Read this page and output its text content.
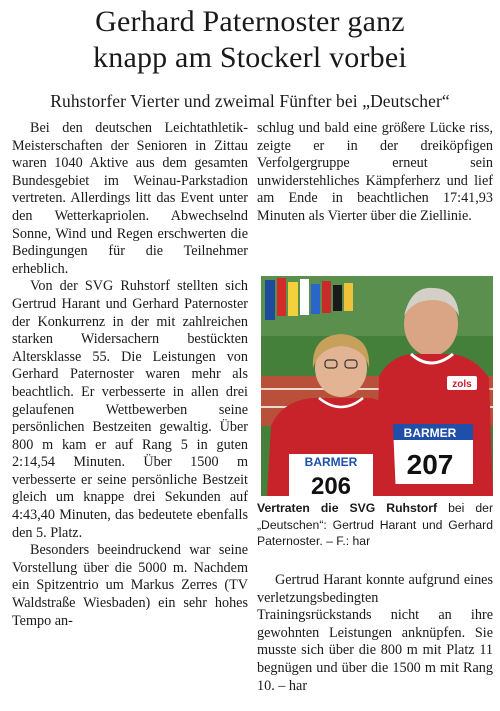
Gerhard Paternoster ganz
knapp am Stockerl vorbei
Ruhstorfer Vierter und zweimal Fünfter bei „Deutscher“

Bei den deutschen Leichtathletik-Meisterschaften der Senioren in Zittau waren 1040 Aktive aus dem gesamten Bundesgebiet im Weinau-Parkstadion vertreten. Allerdings litt das Event unter den Wetterkapriolen. Abwechselnd Sonne, Wind und Regen erschwerten die Bedingungen für die Teilnehmer erheblich.

Von der SVG Ruhstorf stellten sich Gertrud Harant und Gerhard Paternoster der Konkurrenz in der mit zahlreichen starken Widersachern bestückten Altersklasse 55. Die Leistungen von Gerhard Paternoster waren mehr als beachtlich. Er verbesserte in allen drei gelaufenen Wettbewerben seine persönlichen Bestzeiten gewaltig. Über 800 m kam er auf Rang 5 in guten 2:14,54 Minuten. Über 1500 m verbesserte er seine persönliche Bestzeit gleich um knappe drei Sekunden auf 4:43,40 Minuten, das bedeutete ebenfalls den 5. Platz.

Besonders beeindruckend war seine Vorstellung über die 5000 m. Nachdem ein Spitzentrio um Markus Zerres (TV Waldstraße Wiesbaden) ein sehr hohes Tempo an-

schlug und bald eine größere Lücke riss, zeigte er in der dreiköpfigen Verfolgergruppe erneut sein unwiderstehliches Kämpferherz und lief am Ende in beachtlichen 17:41,93 Minuten als Vierter über die Ziellinie.

zols
BARMER
207
BARMER
206
Vertraten die SVG Ruhstorf bei der „Deutschen“: Gertrud Harant und Gerhard Paternoster. – F.: har

Gertrud Harant konnte aufgrund eines verletzungsbedingten Trainingsrückstands nicht an ihre gewohnten Leistungen anknüpfen. Sie musste sich über die 800 m mit Platz 11 begnügen und über die 1500 m mit Rang 10. – har
